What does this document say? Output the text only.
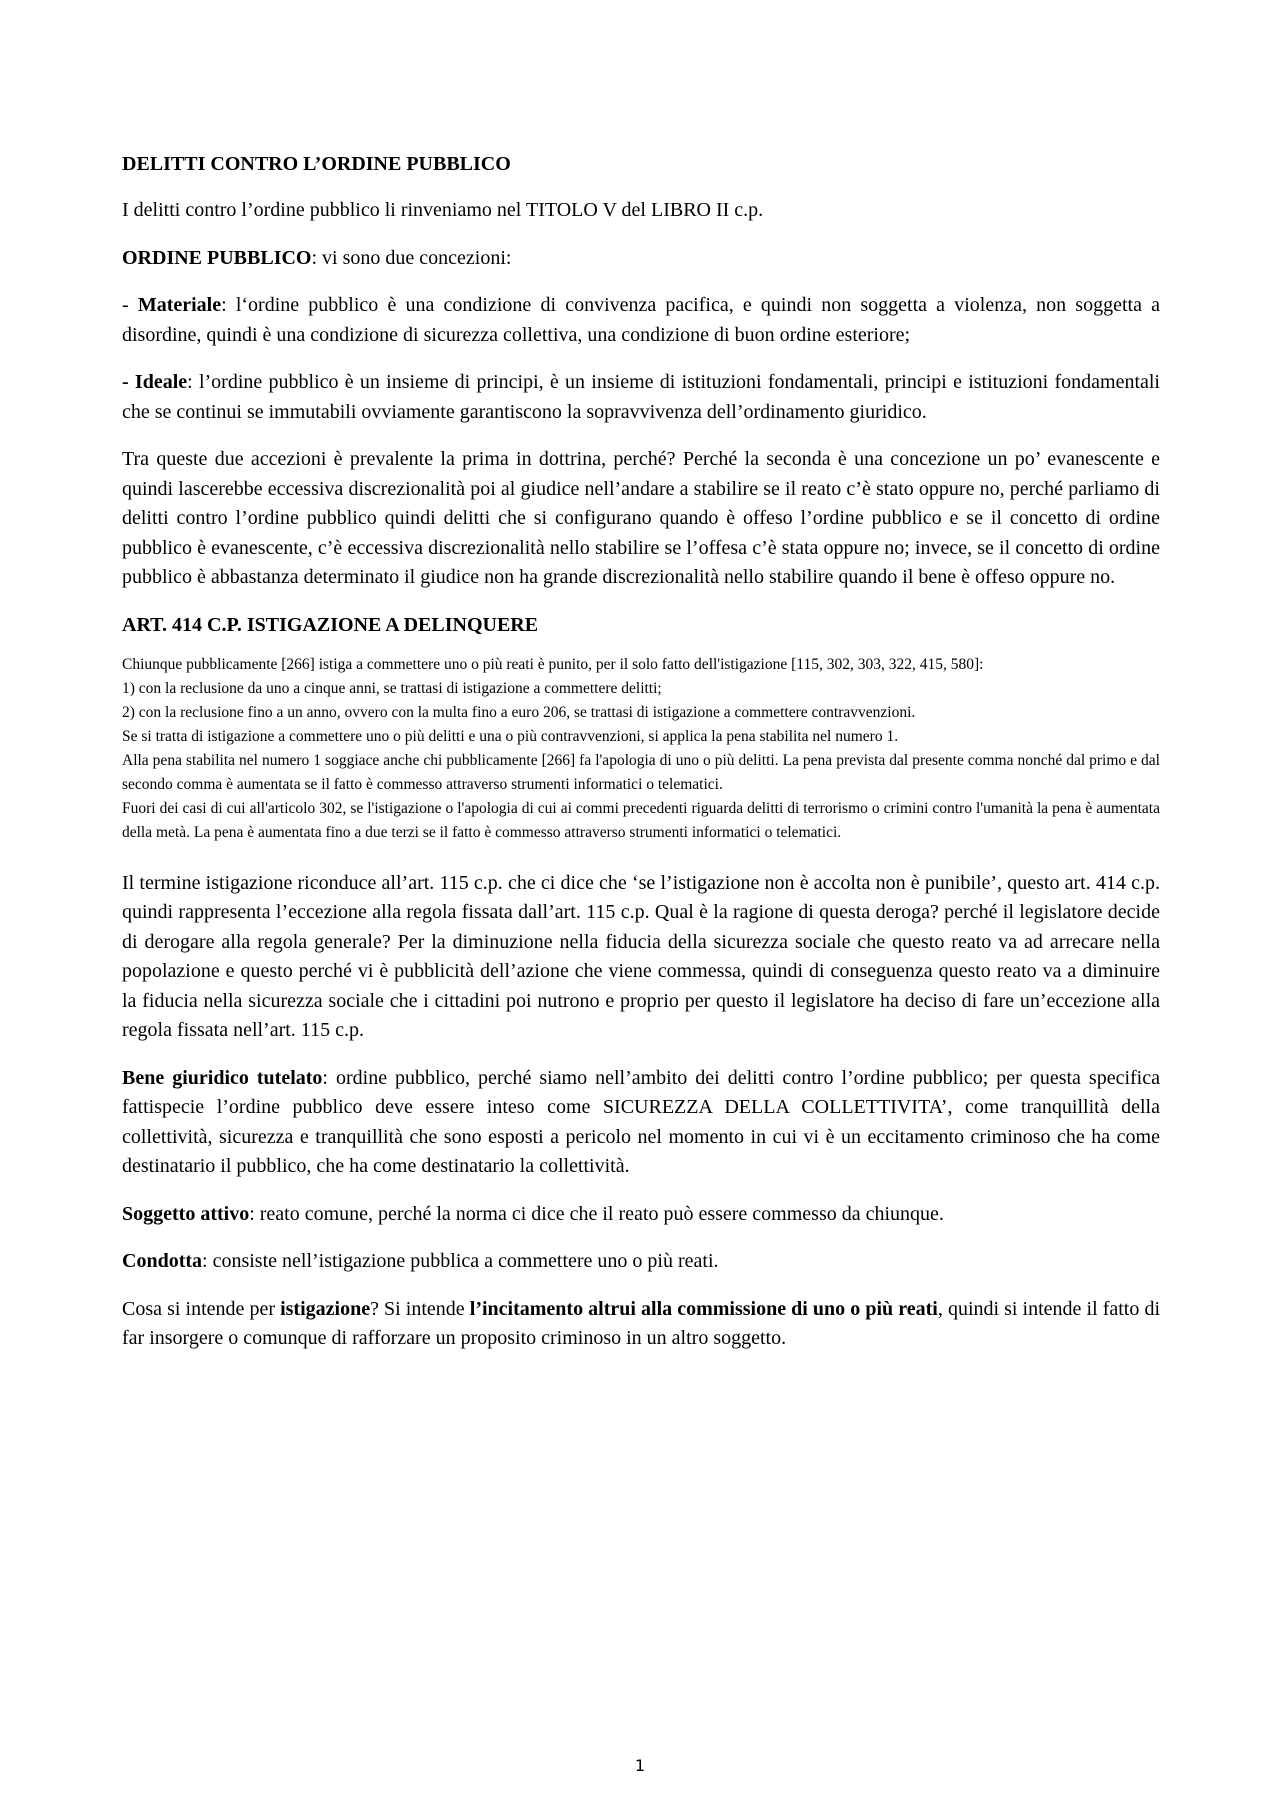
DELITTI CONTRO L’ORDINE PUBBLICO

I delitti contro l’ordine pubblico li rinveniamo nel TITOLO V del LIBRO II c.p.

ORDINE PUBBLICO: vi sono due concezioni:

- Materiale: l‘ordine pubblico è una condizione di convivenza pacifica, e quindi non soggetta a violenza, non soggetta a disordine, quindi è una condizione di sicurezza collettiva, una condizione di buon ordine esteriore;

- Ideale: l’ordine pubblico è un insieme di principi, è un insieme di istituzioni fondamentali, principi e istituzioni fondamentali che se continui se immutabili ovviamente garantiscono la sopravvivenza dell’ordinamento giuridico.

Tra queste due accezioni è prevalente la prima in dottrina, perché? Perché la seconda è una concezione un po’ evanescente e quindi lascerebbe eccessiva discrezionalità poi al giudice nell’andare a stabilire se il reato c’è stato oppure no, perché parliamo di delitti contro l’ordine pubblico quindi delitti che si configurano quando è offeso l’ordine pubblico e se il concetto di ordine pubblico è evanescente, c’è eccessiva discrezionalità nello stabilire se l’offesa c’è stata oppure no; invece, se il concetto di ordine pubblico è abbastanza determinato il giudice non ha grande discrezionalità nello stabilire quando il bene è offeso oppure no.

ART. 414 C.P. ISTIGAZIONE A DELINQUERE
Chiunque pubblicamente [266] istiga a commettere uno o più reati è punito, per il solo fatto dell'istigazione [115, 302, 303, 322, 415, 580]:
1) con la reclusione da uno a cinque anni, se trattasi di istigazione a commettere delitti;
2) con la reclusione fino a un anno, ovvero con la multa fino a euro 206, se trattasi di istigazione a commettere contravvenzioni.
Se si tratta di istigazione a commettere uno o più delitti e una o più contravvenzioni, si applica la pena stabilita nel numero 1.
Alla pena stabilita nel numero 1 soggiace anche chi pubblicamente [266] fa l'apologia di uno o più delitti. La pena prevista dal presente comma nonché dal primo e dal secondo comma è aumentata se il fatto è commesso attraverso strumenti informatici o telematici.
Fuori dei casi di cui all'articolo 302, se l'istigazione o l'apologia di cui ai commi precedenti riguarda delitti di terrorismo o crimini contro l'umanità la pena è aumentata della metà. La pena è aumentata fino a due terzi se il fatto è commesso attraverso strumenti informatici o telematici.

Il termine istigazione riconduce all’art. 115 c.p. che ci dice che ‘se l’istigazione non è accolta non è punibile’, questo art. 414 c.p. quindi rappresenta l’eccezione alla regola fissata dall’art. 115 c.p. Qual è la ragione di questa deroga? perché il legislatore decide di derogare alla regola generale? Per la diminuzione nella fiducia della sicurezza sociale che questo reato va ad arrecare nella popolazione e questo perché vi è pubblicità dell’azione che viene commessa, quindi di conseguenza questo reato va a diminuire la fiducia nella sicurezza sociale che i cittadini poi nutrono e proprio per questo il legislatore ha deciso di fare un’eccezione alla regola fissata nell’art. 115 c.p.

Bene giuridico tutelato: ordine pubblico, perché siamo nell’ambito dei delitti contro l’ordine pubblico; per questa specifica fattispecie l’ordine pubblico deve essere inteso come SICUREZZA DELLA COLLETTIVITA’, come tranquillità della collettività, sicurezza e tranquillità che sono esposti a pericolo nel momento in cui vi è un eccitamento criminoso che ha come destinatario il pubblico, che ha come destinatario la collettività.

Soggetto attivo: reato comune, perché la norma ci dice che il reato può essere commesso da chiunque.

Condotta: consiste nell’istigazione pubblica a commettere uno o più reati.

Cosa si intende per istigazione? Si intende l’incitamento altrui alla commissione di uno o più reati, quindi si intende il fatto di far insorgere o comunque di rafforzare un proposito criminoso in un altro soggetto.

1
